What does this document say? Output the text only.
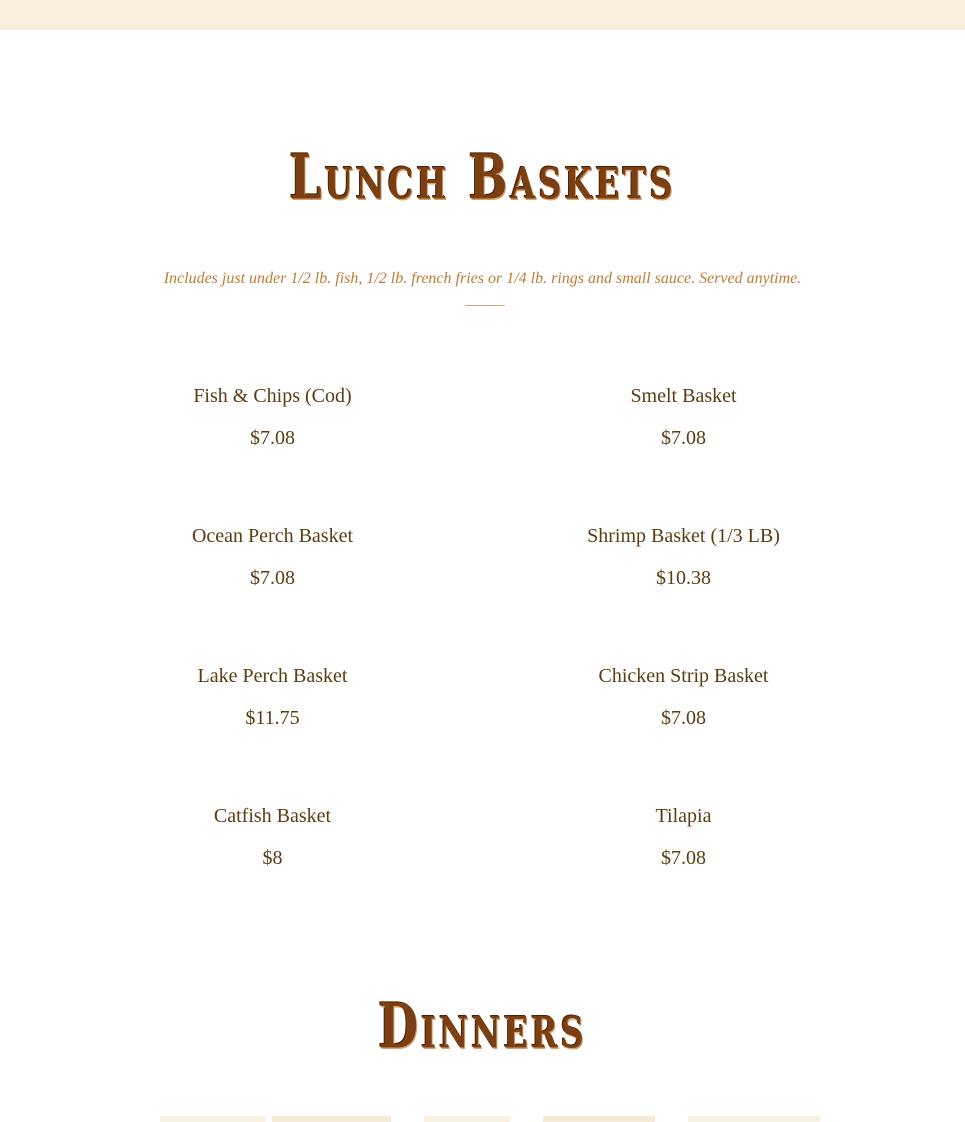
Lunch Baskets
Includes just under 1/2 lb. fish, 1/2 lb. french fries or 1/4 lb. rings and small sauce. Served anytime.
Fish & Chips (Cod)
$7.08
Smelt Basket
$7.08
Ocean Perch Basket
$7.08
Shrimp Basket (1/3 LB)
$10.38
Lake Perch Basket
$11.75
Chicken Strip Basket
$7.08
Catfish Basket
$8
Tilapia
$7.08
Dinners
